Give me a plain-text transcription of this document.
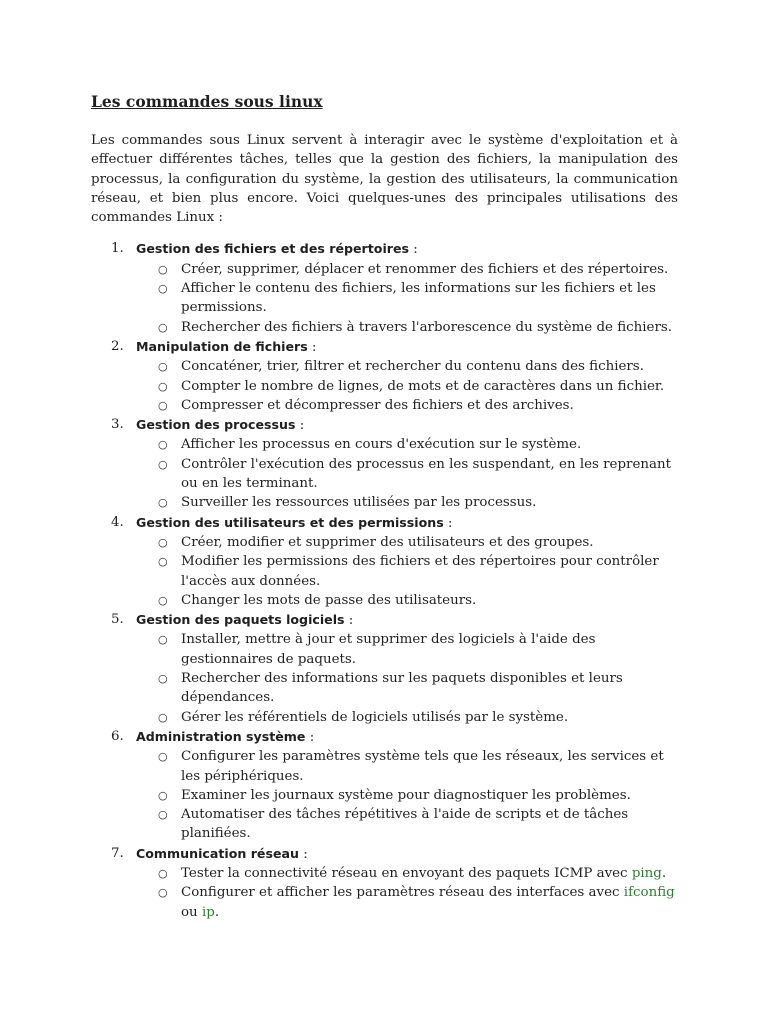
Les commandes sous linux

Les commandes sous Linux servent à interagir avec le système d'exploitation et à effectuer différentes tâches, telles que la gestion des fichiers, la manipulation des processus, la configuration du système, la gestion des utilisateurs, la communication réseau, et bien plus encore. Voici quelques-unes des principales utilisations des commandes Linux :

1. Gestion des fichiers et des répertoires :
○ Créer, supprimer, déplacer et renommer des fichiers et des répertoires.
○ Afficher le contenu des fichiers, les informations sur les fichiers et les permissions.
○ Rechercher des fichiers à travers l'arborescence du système de fichiers.
2. Manipulation de fichiers :
○ Concaténer, trier, filtrer et rechercher du contenu dans des fichiers.
○ Compter le nombre de lignes, de mots et de caractères dans un fichier.
○ Compresser et décompresser des fichiers et des archives.
3. Gestion des processus :
○ Afficher les processus en cours d'exécution sur le système.
○ Contrôler l'exécution des processus en les suspendant, en les reprenant ou en les terminant.
○ Surveiller les ressources utilisées par les processus.
4. Gestion des utilisateurs et des permissions :
○ Créer, modifier et supprimer des utilisateurs et des groupes.
○ Modifier les permissions des fichiers et des répertoires pour contrôler l'accès aux données.
○ Changer les mots de passe des utilisateurs.
5. Gestion des paquets logiciels :
○ Installer, mettre à jour et supprimer des logiciels à l'aide des gestionnaires de paquets.
○ Rechercher des informations sur les paquets disponibles et leurs dépendances.
○ Gérer les référentiels de logiciels utilisés par le système.
6. Administration système :
○ Configurer les paramètres système tels que les réseaux, les services et les périphériques.
○ Examiner les journaux système pour diagnostiquer les problèmes.
○ Automatiser des tâches répétitives à l'aide de scripts et de tâches planifiées.
7. Communication réseau :
○ Tester la connectivité réseau en envoyant des paquets ICMP avec ping.
○ Configurer et afficher les paramètres réseau des interfaces avec ifconfig ou ip.
